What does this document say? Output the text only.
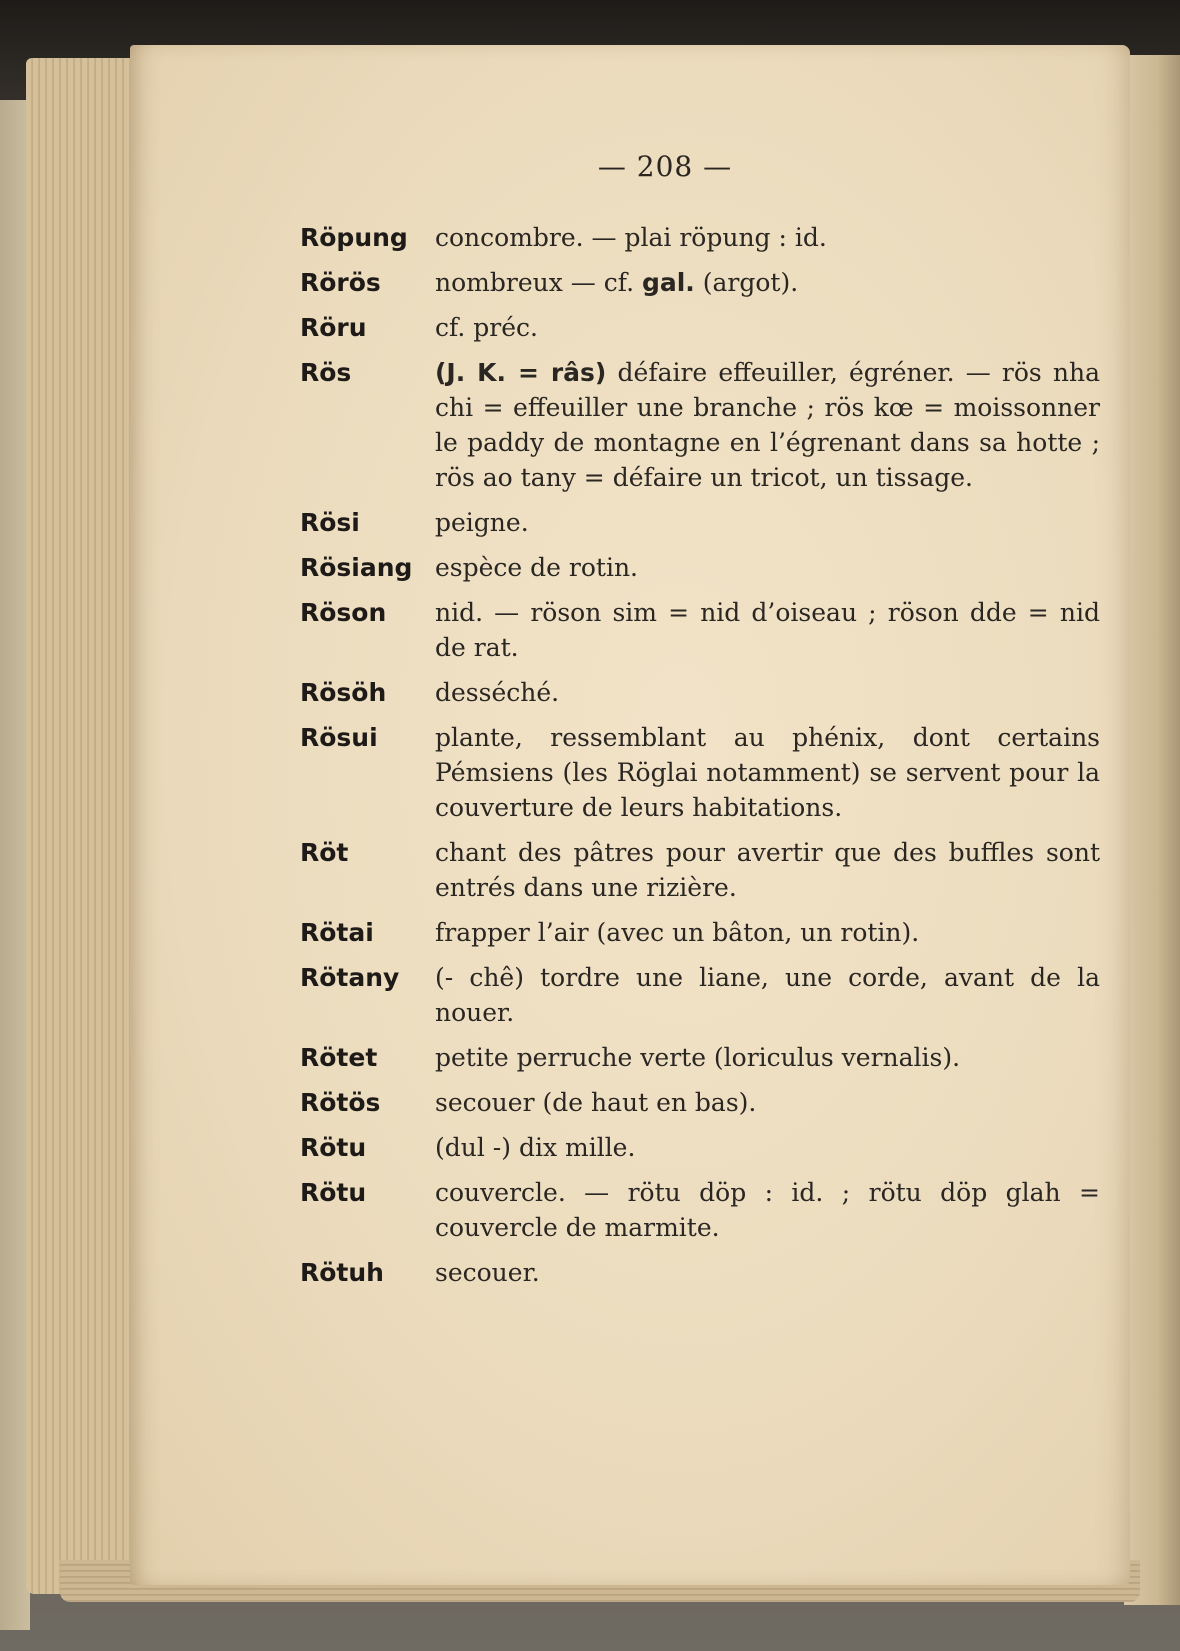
— 208 —
Röpung	concombre. — plai röpung : id.
Rörös	nombreux — cf. gal. (argot).
Röru	cf. préc.
Rös	(J. K. = râs) défaire effeuiller, égréner. — rös nha chi = effeuiller une branche ; rös kœ = moissonner le paddy de montagne en l’égrenant dans sa hotte ; rös ao tany = défaire un tricot, un tissage.
Rösi	peigne.
Rösiang espèce de rotin.
Röson	nid. — röson sim = nid d’oiseau ; röson dde = nid de rat.
Rösöh	desséché.
Rösui	plante, ressemblant au phénix, dont certains Pémsiens (les Röglai notamment) se servent pour la couverture de leurs habitations.
Röt	chant des pâtres pour avertir que des buffles sont entrés dans une rizière.
Rötai	frapper l’air (avec un bâton, un rotin).
Rötany	(- chê) tordre une liane, une corde, avant de la nouer.
Rötet	petite perruche verte (loriculus vernalis).
Rötös	secouer (de haut en bas).
Rötu	(dul -) dix mille.
Rötu	couvercle. — rötu döp : id. ; rötu döp glah = couvercle de marmite.
Rötuh	secouer.
